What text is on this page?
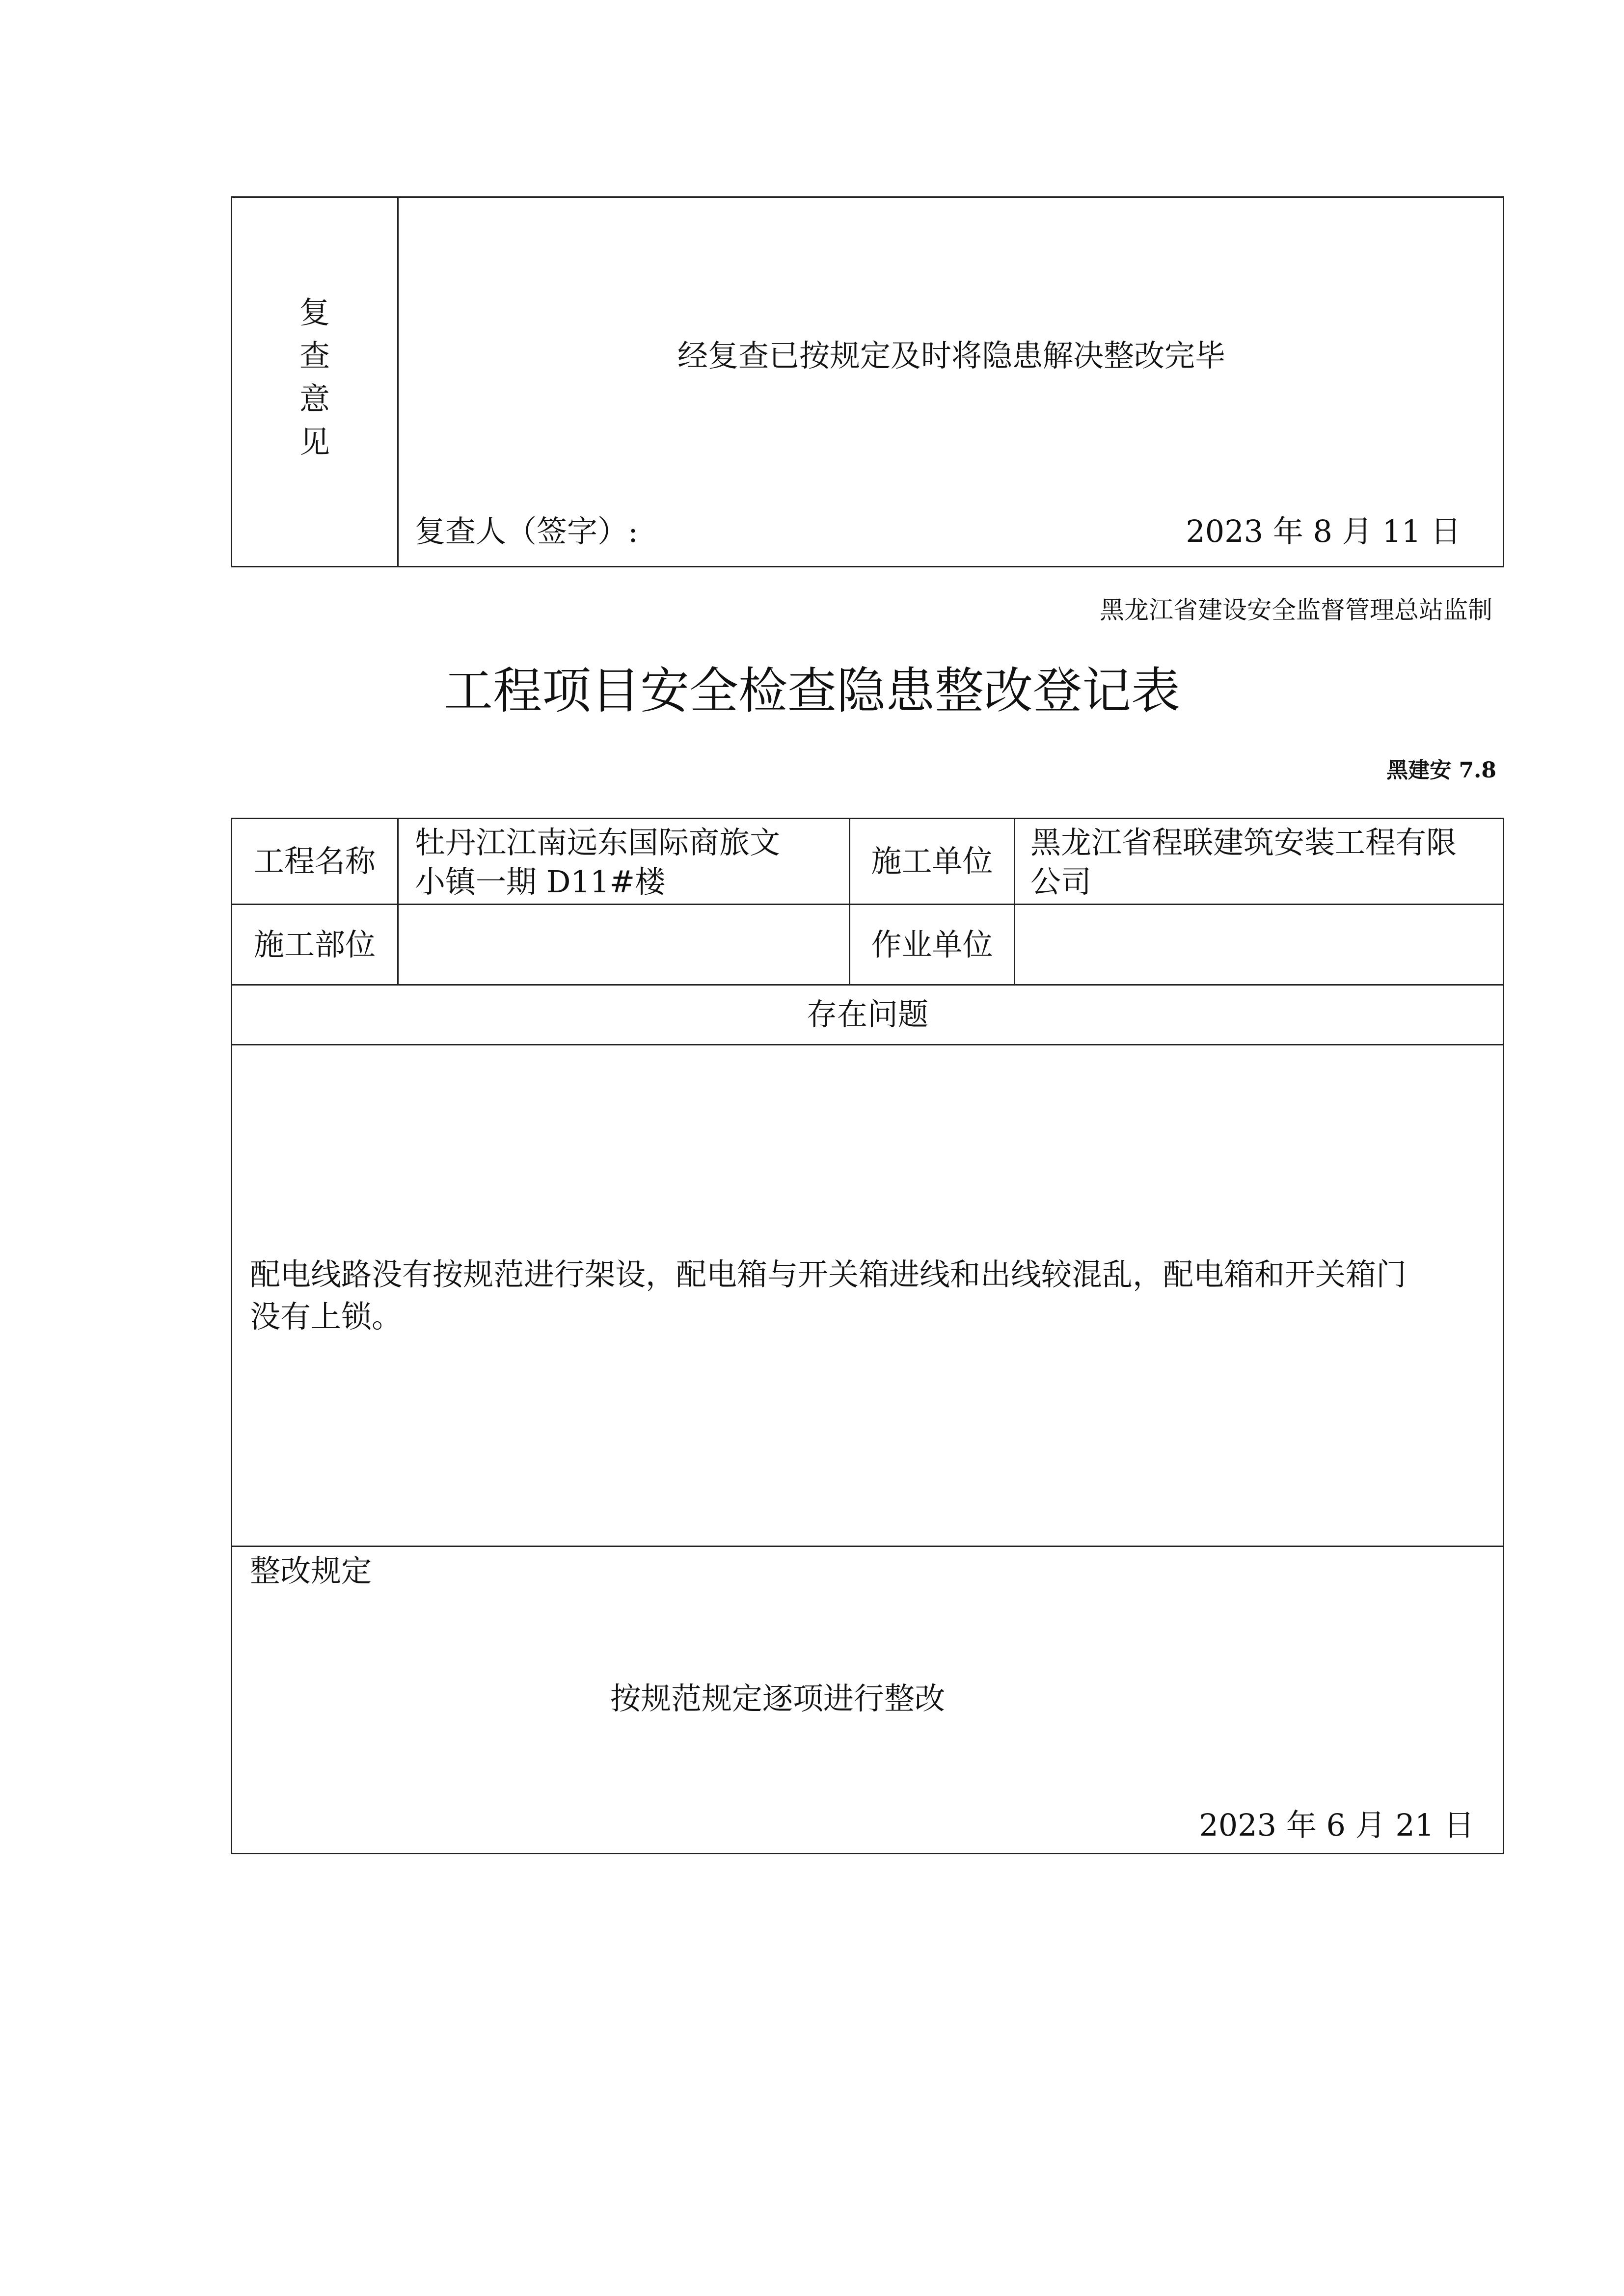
复
查
意
见
经复查已按规定及时将隐患解决整改完毕
复查人（签字）:	2023 年 8 月 11 日
黑龙江省建设安全监督管理总站监制
工程项目安全检查隐患整改登记表
黑建安 7.8
工程名称
牡丹江江南远东国际商旅文
小镇一期 D11#楼
施工单位
黑龙江省程联建筑安装工程有限
公司
施工部位	作业单位
存在问题
配电线路没有按规范进行架设，配电箱与开关箱进线和出线较混乱，配电箱和开关箱门
没有上锁。
整改规定
按规范规定逐项进行整改
2023 年 6 月 21 日
